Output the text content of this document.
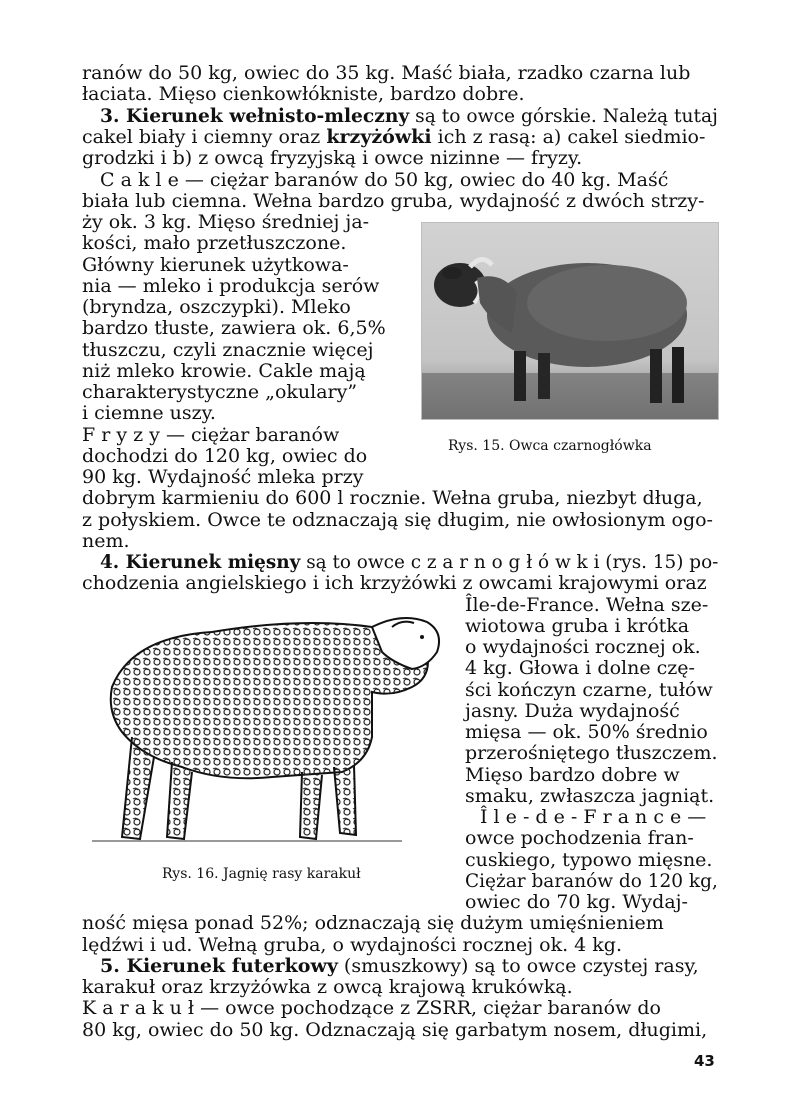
ranów do 50 kg, owiec do 35 kg. Maść biała, rzadko czarna lub
łaciata. Mięso cienkowłókniste, bardzo dobre.
3. Kierunek wełnisto-mleczny są to owce górskie. Należą tutaj
cakel biały i ciemny oraz krzyżówki ich z rasą: a) cakel siedmio-
grodzki i b) z owcą fryzyjską i owce nizinne — fryzy.
C a k l e — ciężar baranów do 50 kg, owiec do 40 kg. Maść
biała lub ciemna. Wełna bardzo gruba, wydajność z dwóch strzy-
ży ok. 3 kg. Mięso średniej ja-
kości, mało przetłuszczone.
Główny kierunek użytkowa-
nia — mleko i produkcja serów
(bryndza, oszczypki). Mleko
bardzo tłuste, zawiera ok. 6,5%
tłuszczu, czyli znacznie więcej
niż mleko krowie. Cakle mają
charakterystyczne „okulary”
i ciemne uszy.
F r y z y — ciężar baranów
dochodzi do 120 kg, owiec do
90 kg. Wydajność mleka przy
dobrym karmieniu do 600 l rocznie. Wełna gruba, niezbyt długa,
z połyskiem. Owce te odznaczają się długim, nie owłosionym ogo-
nem.
4. Kierunek mięsny są to owce c z a r n o g ł ó w k i (rys. 15) po-
chodzenia angielskiego i ich krzyżówki z owcami krajowymi oraz
Île-de-France. Wełna sze-
wiotowa gruba i krótka
o wydajności rocznej ok.
4 kg. Głowa i dolne czę-
ści kończyn czarne, tułów
jasny. Duża wydajność
mięsa — ok. 50% średnio
przerośniętego tłuszczem.
Mięso bardzo dobre w
smaku, zwłaszcza jagniąt.
Î l e - d e - F r a n c e —
owce pochodzenia fran-
cuskiego, typowo mięsne.
Ciężar baranów do 120 kg,
owiec do 70 kg. Wydaj-
ność mięsa ponad 52%; odznaczają się dużym umięśnieniem
lędźwi i ud. Wełną gruba, o wydajności rocznej ok. 4 kg.
5. Kierunek futerkowy (smuszkowy) są to owce czystej rasy,
karakuł oraz krzyżówka z owcą krajową krukówką.
K a r a k u ł — owce pochodzące z ZSRR, ciężar baranów do
80 kg, owiec do 50 kg. Odznaczają się garbatym nosem, długimi,
Rys. 15. Owca czarnogłówka
Rys. 16. Jagnię rasy karakuł
43
